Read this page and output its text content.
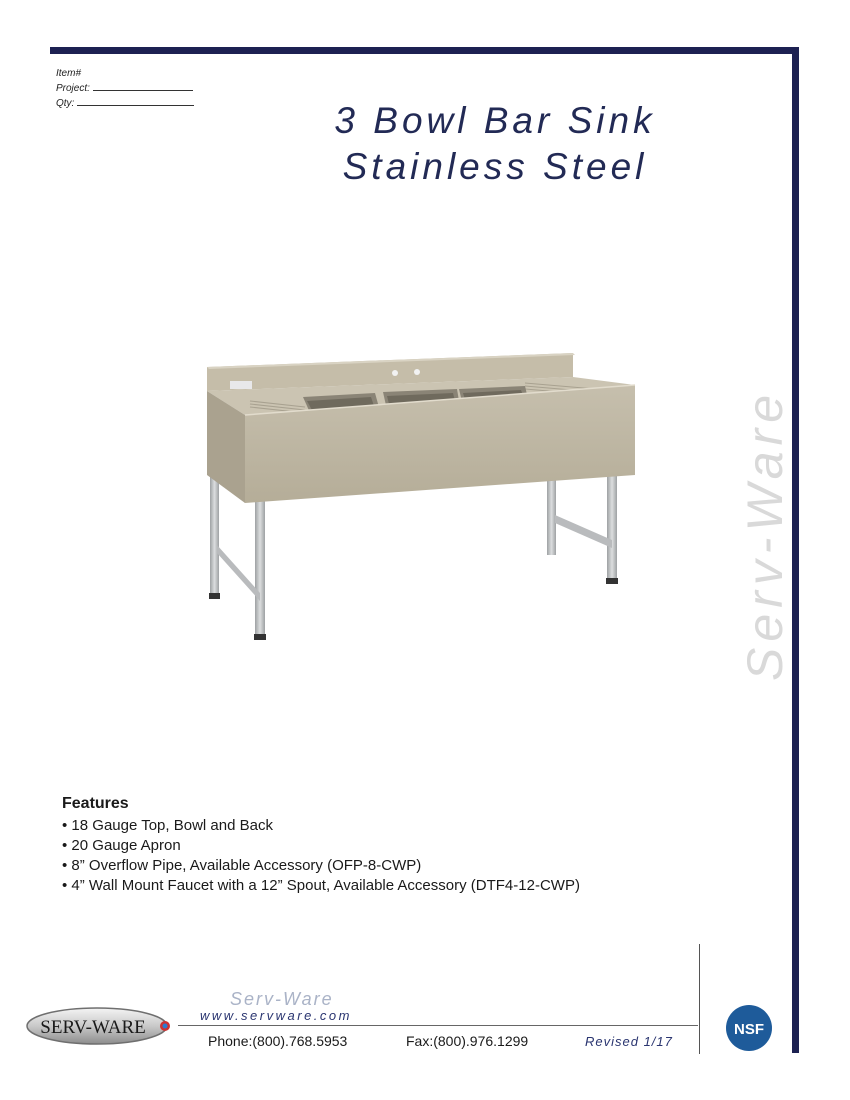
Item#
Project:
Qty:	3 Bowl Bar Sink
Stainless Steel
Serv-Ware
Features
• 18 Gauge Top, Bowl and Back
• 20 Gauge Apron
• 8” Overflow Pipe, Available Accessory (OFP-8-CWP)
• 4” Wall Mount Faucet with a 12” Spout, Available Accessory (DTF4-12-CWP)
SERV-WARE
Serv-Ware
www.servware.com
Phone:(800).768.5953	Fax:(800).976.1299	Revised 1/17
NSF
